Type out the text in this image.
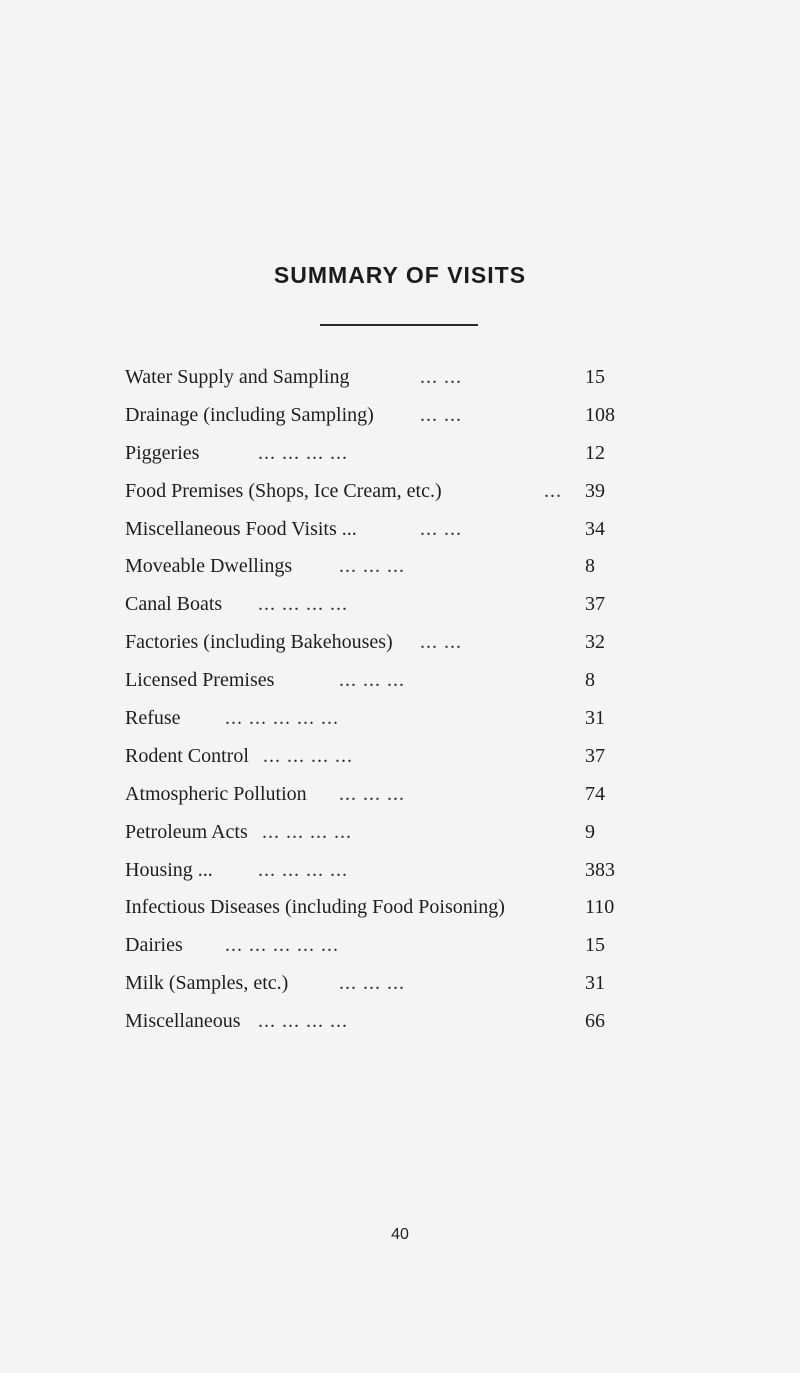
SUMMARY OF VISITS
Water Supply and Sampling	... ...	15
Drainage (including Sampling) ... ...	108
Piggeries	... ... ... ...	12
Food Premises (Shops, Ice Cream, etc.)	... 39
Miscellaneous Food Visits ...	... ...	34
Moveable Dwellings ... ... ...	8
Canal Boats ... ... ... ...	37
Factories (including Bakehouses) ... ...	32
Licensed Premises	... ... ...	8
Refuse ... ... ... ... ...	31
Rodent Control ... ... ... ...	37
Atmospheric Pollution ... ... ...	74
Petroleum Acts ... ... ... ...	9
Housing ... ... ... ... ...	383
Infectious Diseases (including Food Poisoning)	110
Dairies ... ... ... ... ...	15
Milk (Samples, etc.)	... ... ...	31
Miscellaneous ... ... ... ...	66
40
